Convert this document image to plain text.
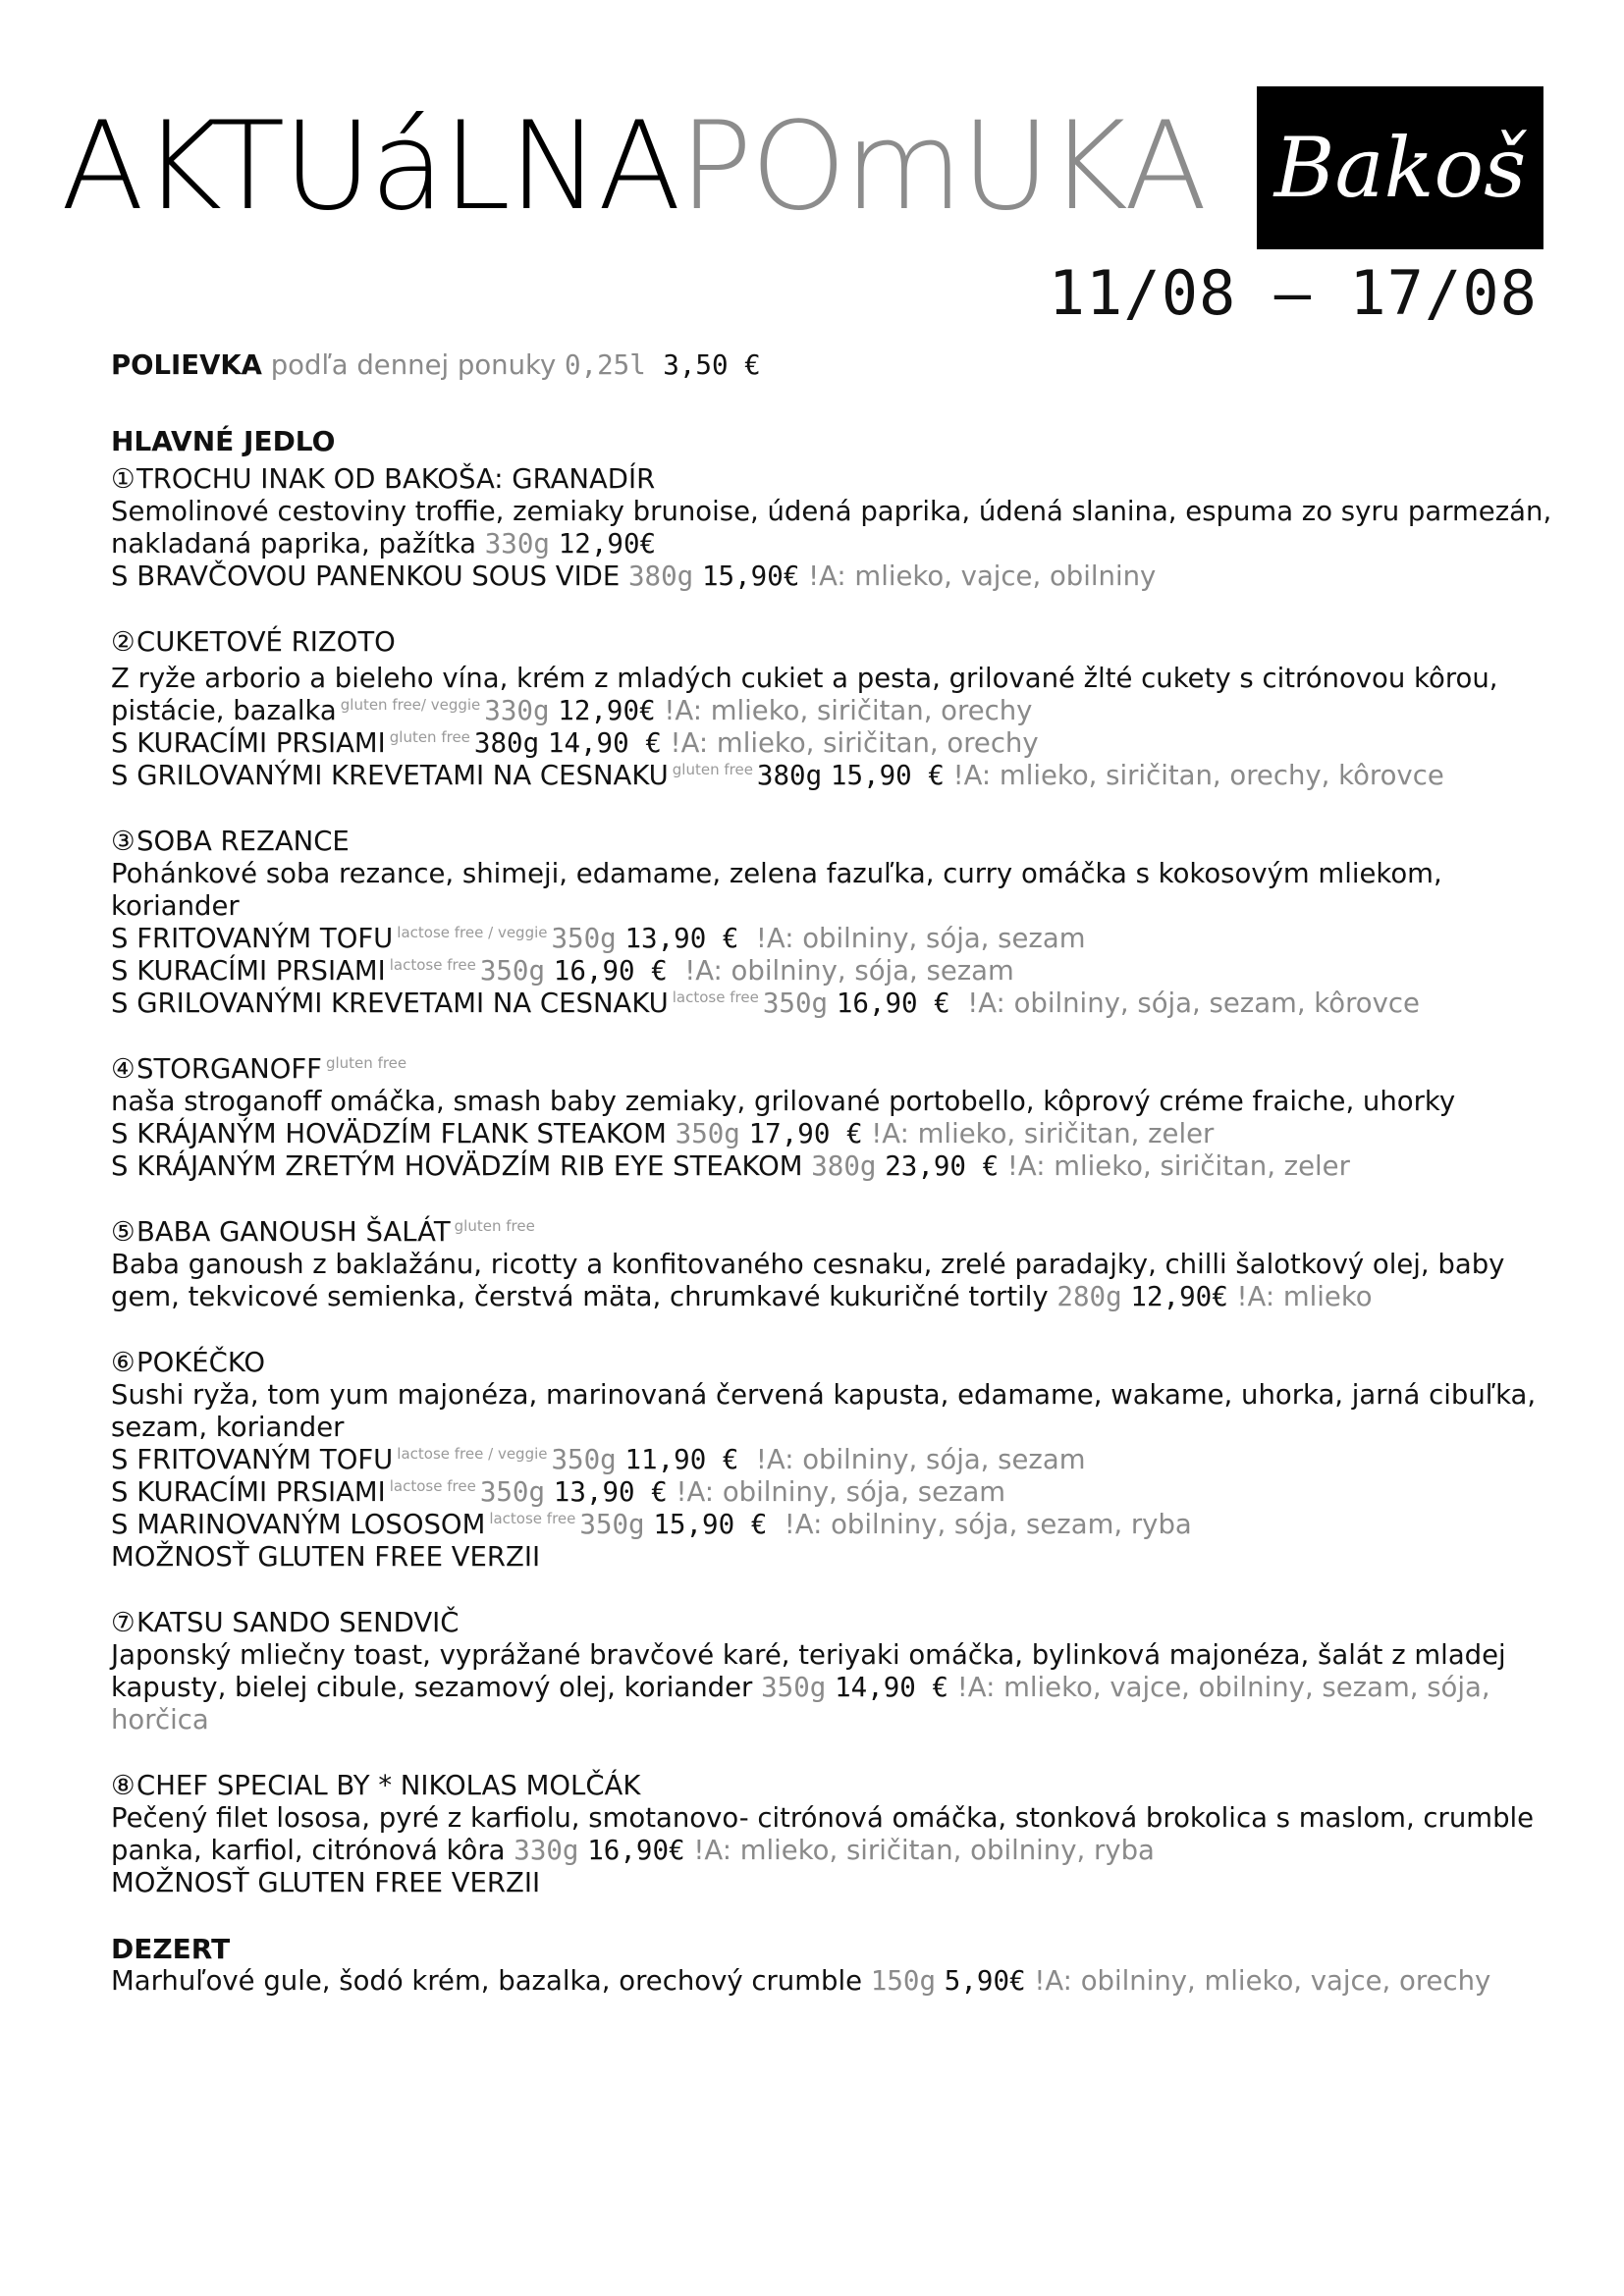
AKTUáLNAPOmUKA Bakoš
11/08 – 17/08
POLIEVKA podľa dennej ponuky 0,25l 3,50 €
HLAVNÉ JEDLO
①TROCHU INAK OD BAKOŠA: GRANADÍR
Semolinové cestoviny troffie, zemiaky brunoise, údená paprika, údená slanina, espuma zo syru parmezán,
nakladaná paprika, pažítka 330g 12,90€
S BRAVČOVOU PANENKOU SOUS VIDE 380g 15,90€ !A: mlieko, vajce, obilniny
②CUKETOVÉ RIZOTO
Z ryže arborio a bieleho vína, krém z mladých cukiet a pesta, grilované žlté cukety s citrónovou kôrou,
pistácie, bazalka $^{gluten free/ veggie}$ 330g 12,90€ !A: mlieko, siričitan, orechy
S KURACÍMI PRSIAMI $^{gluten free}$ 380g 14,90 € !A: mlieko, siričitan, orechy
S GRILOVANÝMI KREVETAMI NA CESNAKU $^{gluten free}$ 380g 15,90 € !A: mlieko, siričitan, orechy, kôrovce
③SOBA REZANCE
Pohánkové soba rezance, shimeji, edamame, zelena fazuľka, curry omáčka s kokosovým mliekom,
koriander
S FRITOVANÝM TOFU $^{lactose free / veggie}$ 350g 13,90 € !A: obilniny, sója, sezam
S KURACÍMI PRSIAMI $^{lactose free}$ 350g 16,90 € !A: obilniny, sója, sezam
S GRILOVANÝMI KREVETAMI NA CESNAKU $^{lactose free}$ 350g 16,90 € !A: obilniny, sója, sezam, kôrovce
④STORGANOFF $^{gluten free}$
naša stroganoff omáčka, smash baby zemiaky, grilované portobello, kôprový créme fraiche, uhorky
S KRÁJANÝM HOVÄDZÍM FLANK STEAKOM 350g 17,90 € !A: mlieko, siričitan, zeler
S KRÁJANÝM ZRETÝM HOVÄDZÍM RIB EYE STEAKOM 380g 23,90 € !A: mlieko, siričitan, zeler
⑤BABA GANOUSH ŠALÁT $^{gluten free}$
Baba ganoush z baklažánu, ricotty a konfitovaného cesnaku, zrelé paradajky, chilli šalotkový olej, baby
gem, tekvicové semienka, čerstvá mäta, chrumkavé kukuričné tortily 280g 12,90€ !A: mlieko
⑥POKÉČKO
Sushi ryža, tom yum majonéza, marinovaná červená kapusta, edamame, wakame, uhorka, jarná cibuľka,
sezam, koriander
S FRITOVANÝM TOFU $^{lactose free / veggie}$ 350g 11,90 € !A: obilniny, sója, sezam
S KURACÍMI PRSIAMI $^{lactose free}$ 350g 13,90 € !A: obilniny, sója, sezam
S MARINOVANÝM LOSOSOM $^{lactose free}$ 350g 15,90 € !A: obilniny, sója, sezam, ryba
MOŽNOSŤ GLUTEN FREE VERZII
⑦KATSU SANDO SENDVIČ
Japonský mliečny toast, vyprážané bravčové karé, teriyaki omáčka, bylinková majonéza, šalát z mladej
kapusty, bielej cibule, sezamový olej, koriander 350g 14,90 € !A: mlieko, vajce, obilniny, sezam, sója,
horčica
⑧CHEF SPECIAL BY * NIKOLAS MOLČÁK
Pečený filet lososa, pyré z karfiolu, smotanovo- citrónová omáčka, stonková brokolica s maslom, crumble
panka, karfiol, citrónová kôra 330g 16,90€ !A: mlieko, siričitan, obilniny, ryba
MOŽNOSŤ GLUTEN FREE VERZII
DEZERT
Marhuľové gule, šodó krém, bazalka, orechový crumble 150g 5,90€ !A: obilniny, mlieko, vajce, orechy
